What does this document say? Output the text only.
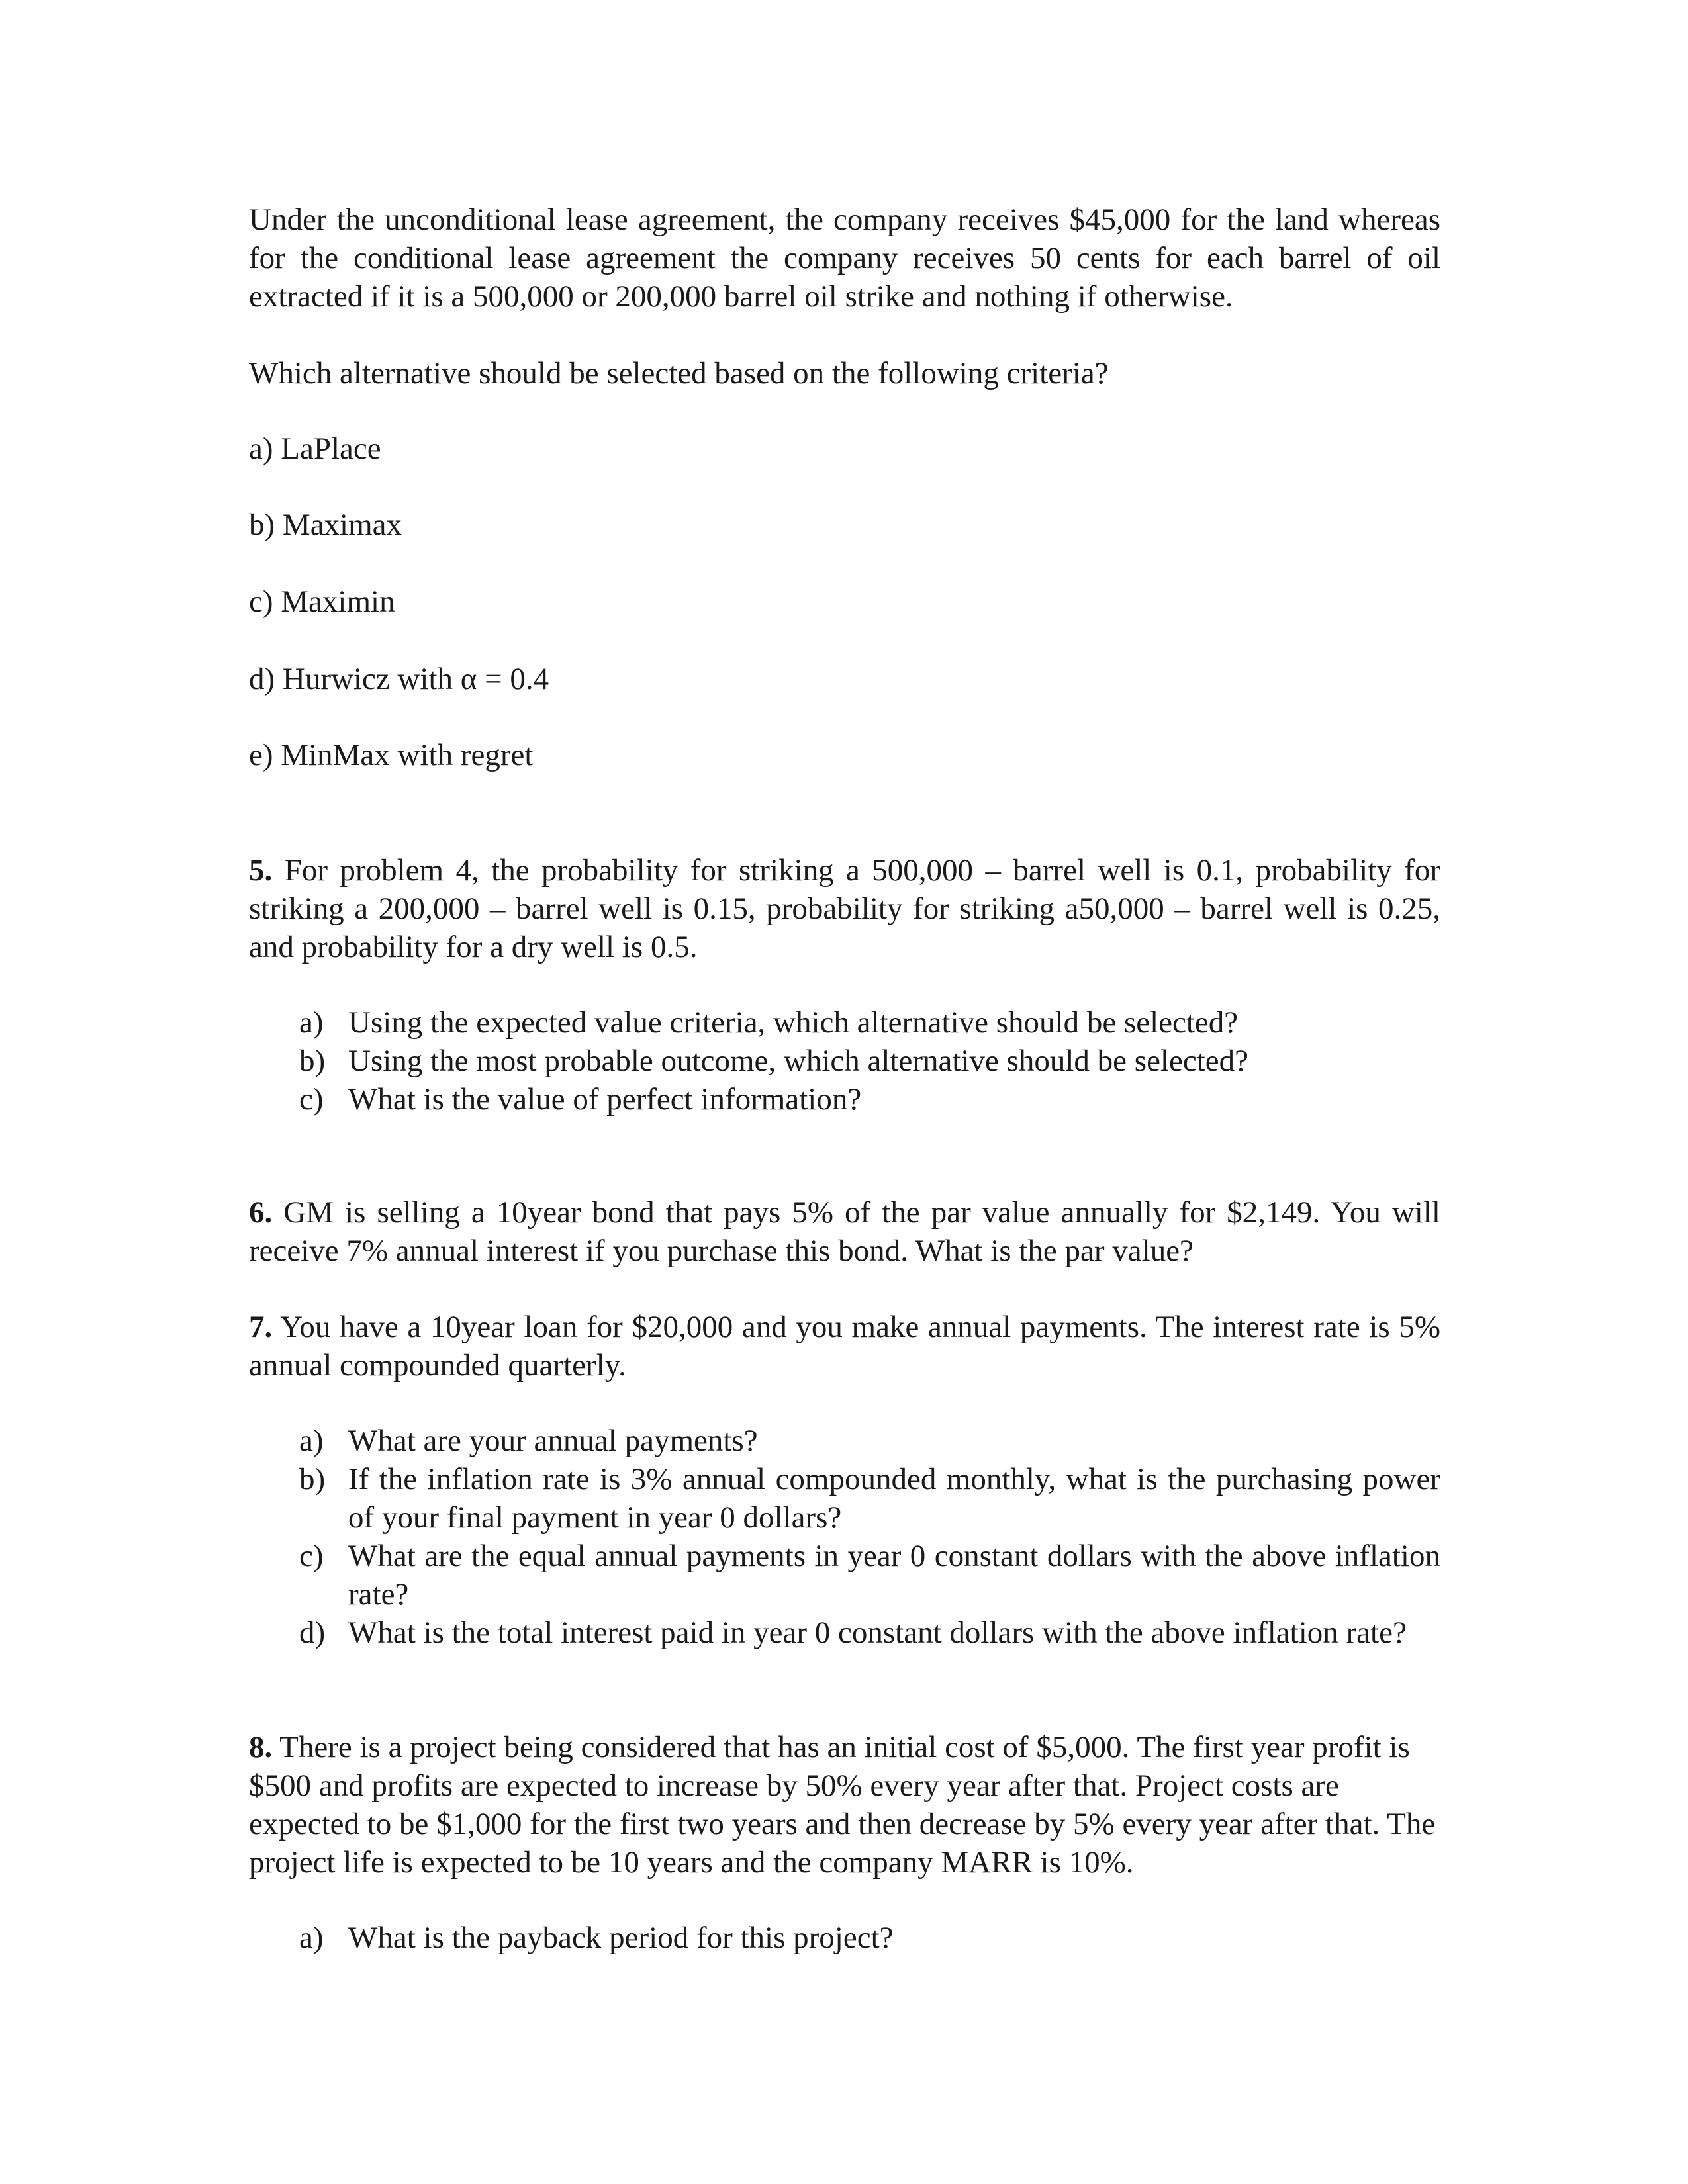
Under the unconditional lease agreement, the company receives $45,000 for the land whereas for the conditional lease agreement the company receives 50 cents for each barrel of oil extracted if it is a 500,000 or 200,000 barrel oil strike and nothing if otherwise.
Which alternative should be selected based on the following criteria?
a) LaPlace
b) Maximax
c) Maximin
d) Hurwicz with α = 0.4
e) MinMax with regret
5. For problem 4, the probability for striking a 500,000 – barrel well is 0.1, probability for striking a 200,000 – barrel well is 0.15, probability for striking a50,000 – barrel well is 0.25, and probability for a dry well is 0.5.
a) Using the expected value criteria, which alternative should be selected?
b) Using the most probable outcome, which alternative should be selected?
c) What is the value of perfect information?
6. GM is selling a 10year bond that pays 5% of the par value annually for $2,149. You will receive 7% annual interest if you purchase this bond. What is the par value?
7. You have a 10year loan for $20,000 and you make annual payments. The interest rate is 5% annual compounded quarterly.
a) What are your annual payments?
b) If the inflation rate is 3% annual compounded monthly, what is the purchasing power of your final payment in year 0 dollars?
c) What are the equal annual payments in year 0 constant dollars with the above inflation rate?
d) What is the total interest paid in year 0 constant dollars with the above inflation rate?
8. There is a project being considered that has an initial cost of $5,000. The first year profit is $500 and profits are expected to increase by 50% every year after that. Project costs are expected to be $1,000 for the first two years and then decrease by 5% every year after that. The project life is expected to be 10 years and the company MARR is 10%.
a) What is the payback period for this project?
